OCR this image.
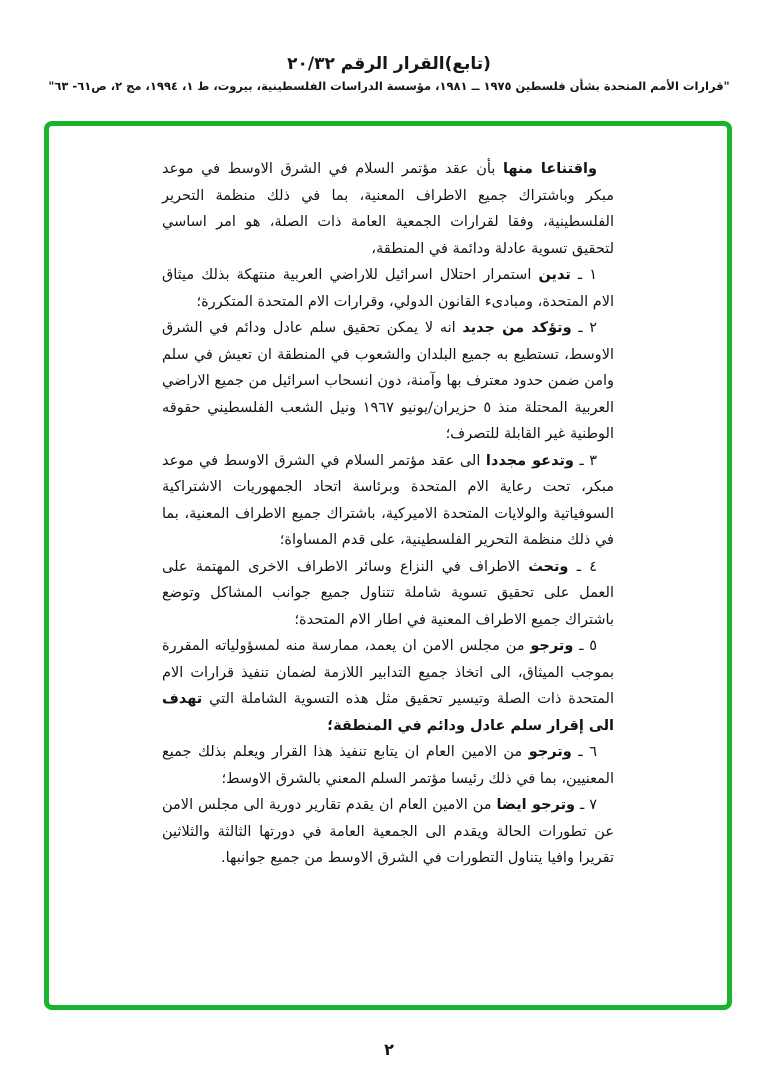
(تابع)القرار الرقم ٢٠/٣٢
"قرارات الأمم المتحدة بشأن فلسطين ١٩٧٥ ــ ١٩٨١، مؤسسة الدراسات الفلسطينية، بيروت، ط ١، ١٩٩٤، مج ٢، ص٦١- ٦٣"

واقتناعا منها بأن عقد مؤتمر السلام في الشرق الاوسط في موعد مبكر وباشتراك جميع الاطراف المعنية، بما في ذلك منظمة التحرير الفلسطينية، وفقا لقرارات الجمعية العامة ذات الصلة، هو امر اساسي لتحقيق تسوية عادلة ودائمة في المنطقة،

١ ـ تدين استمرار احتلال اسرائيل للاراضي العربية منتهكة بذلك ميثاق الام المتحدة، ومبادىء القانون الدولي، وقرارات الام المتحدة المتكررة؛

٢ ـ وتؤكد من جديد انه لا يمكن تحقيق سلم عادل ودائم في الشرق الاوسط، تستطيع به جميع البلدان والشعوب في المنطقة ان تعيش في سلم وامن ضمن حدود معترف بها وآمنة، دون انسحاب اسرائيل من جميع الاراضي العربية المحتلة منذ ٥ حزيران/يونيو ١٩٦٧ ونيل الشعب الفلسطيني حقوقه الوطنية غير القابلة للتصرف؛

٣ ـ وتدعو مجددا الى عقد مؤتمر السلام في الشرق الاوسط في موعد مبكر، تحت رعاية الام المتحدة وبرئاسة اتحاد الجمهوريات الاشتراكية السوفياتية والولايات المتحدة الاميركية، باشتراك جميع الاطراف المعنية، بما في ذلك منظمة التحرير الفلسطينية، على قدم المساواة؛

٤ ـ وتحث الاطراف في النزاع وسائر الاطراف الاخرى المهتمة على العمل على تحقيق تسوية شاملة تتناول جميع جوانب المشاكل وتوضع باشتراك جميع الاطراف المعنية في اطار الام المتحدة؛

٥ ـ وترجو من مجلس الامن ان يعمد، ممارسة منه لمسؤولياته المقررة بموجب الميثاق، الى اتخاذ جميع التدابير اللازمة لضمان تنفيذ قرارات الام المتحدة ذات الصلة وتيسير تحقيق مثل هذه التسوية الشاملة التي تهدف الى إقرار سلم عادل ودائم في المنطقة؛

٦ ـ وترجو من الامين العام ان يتابع تنفيذ هذا القرار ويعلم بذلك جميع المعنيين، بما في ذلك رئيسا مؤتمر السلم المعني بالشرق الاوسط؛

٧ ـ وترجو ايضا من الامين العام ان يقدم تقارير دورية الى مجلس الامن عن تطورات الحالة ويقدم الى الجمعية العامة في دورتها الثالثة والثلاثين تقريرا وافيا يتناول التطورات في الشرق الاوسط من جميع جوانبها.

٢
